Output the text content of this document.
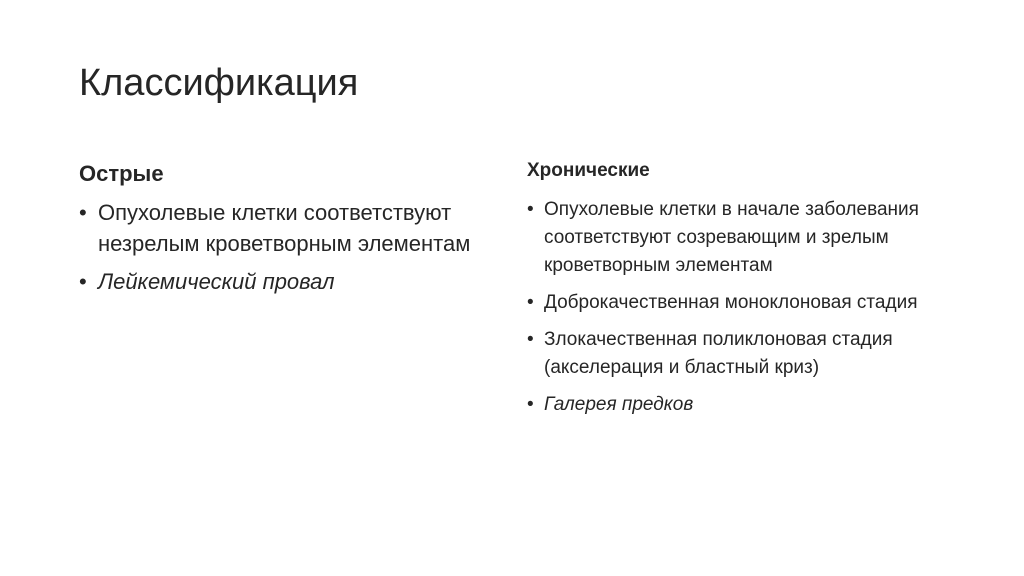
Классификация

Острые

• Опухолевые клетки соответствуют незрелым кроветворным элементам
• Лейкемический провал

Хронические

• Опухолевые клетки в начале заболевания соответствуют созревающим и зрелым кроветворным элементам
• Доброкачественная моноклоновая стадия
• Злокачественная поликлоновая стадия (акселерация и бластный криз)
• Галерея предков
